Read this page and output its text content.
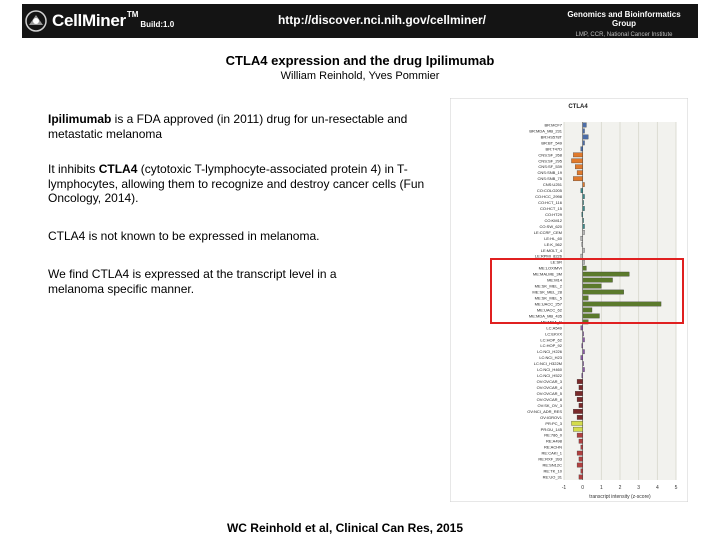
CellMiner TM
Build:1.0	http://discover.nci.nih.gov/cellminer/	Genomics and Bioinformatics Group
LMP, CCR, National Cancer Institute
CTLA4 expression and the drug Ipilimumab
William Reinhold, Yves Pommier
Ipilimumab is a FDA approved (in 2011) drug for un-resectable and metastatic melanoma
It inhibits CTLA4 (cytotoxic T-lymphocyte-associated protein 4) in T-lymphocytes, allowing them to recognize and destroy cancer cells (Fun Oncology, 2014).
CTLA4 is not known to be expressed in melanoma.
We find CTLA4 is expressed at the transcript level in a melanoma specific manner.
-1	0	1	2	3	4	5
CTLA4
transcript intensity (z-score)
BR:MCF7
BR:MDA_MB_231
BR:HS578T
BR:BT_549
BR:T47D
CNS:SF_268
CNS:SF_295
CNS:SF_539
CNS:SNB_19
CNS:SNB_75
CNS:U251
CO:COLO205
CO:HCC_2998
CO:HCT_116
CO:HCT_15
CO:HT29
CO:KM12
CO:SW_620
LE:CCRF_CEM
LE:HL_60
LE:K_562
LE:MOLT_4
LE:RPMI_8226
LE:SR
ME:LOXIMVI
ME:MALME_3M
ME:M14
ME:SK_MEL_2
ME:SK_MEL_28
ME:SK_MEL_5
ME:UACC_257
ME:UACC_62
ME:MDA_MB_435
ME:MDA_N
LC:A549
LC:EKVX
LC:HOP_62
LC:HOP_92
LC:NCI_H226
LC:NCI_H23
LC:NCI_H322M
LC:NCI_H460
LC:NCI_H522
OV:OVCAR_3
OV:OVCAR_4
OV:OVCAR_5
OV:OVCAR_8
OV:SK_OV_3
OV:NCI_ADR_RES
OV:IGROV1
PR:PC_3
PR:DU_145
RE:786_0
RE:A498
RE:ACHN
RE:CAKI_1
RE:RXF_393
RE:SN12C
RE:TK_10
RE:UO_31
WC Reinhold et al, Clinical Can Res, 2015
